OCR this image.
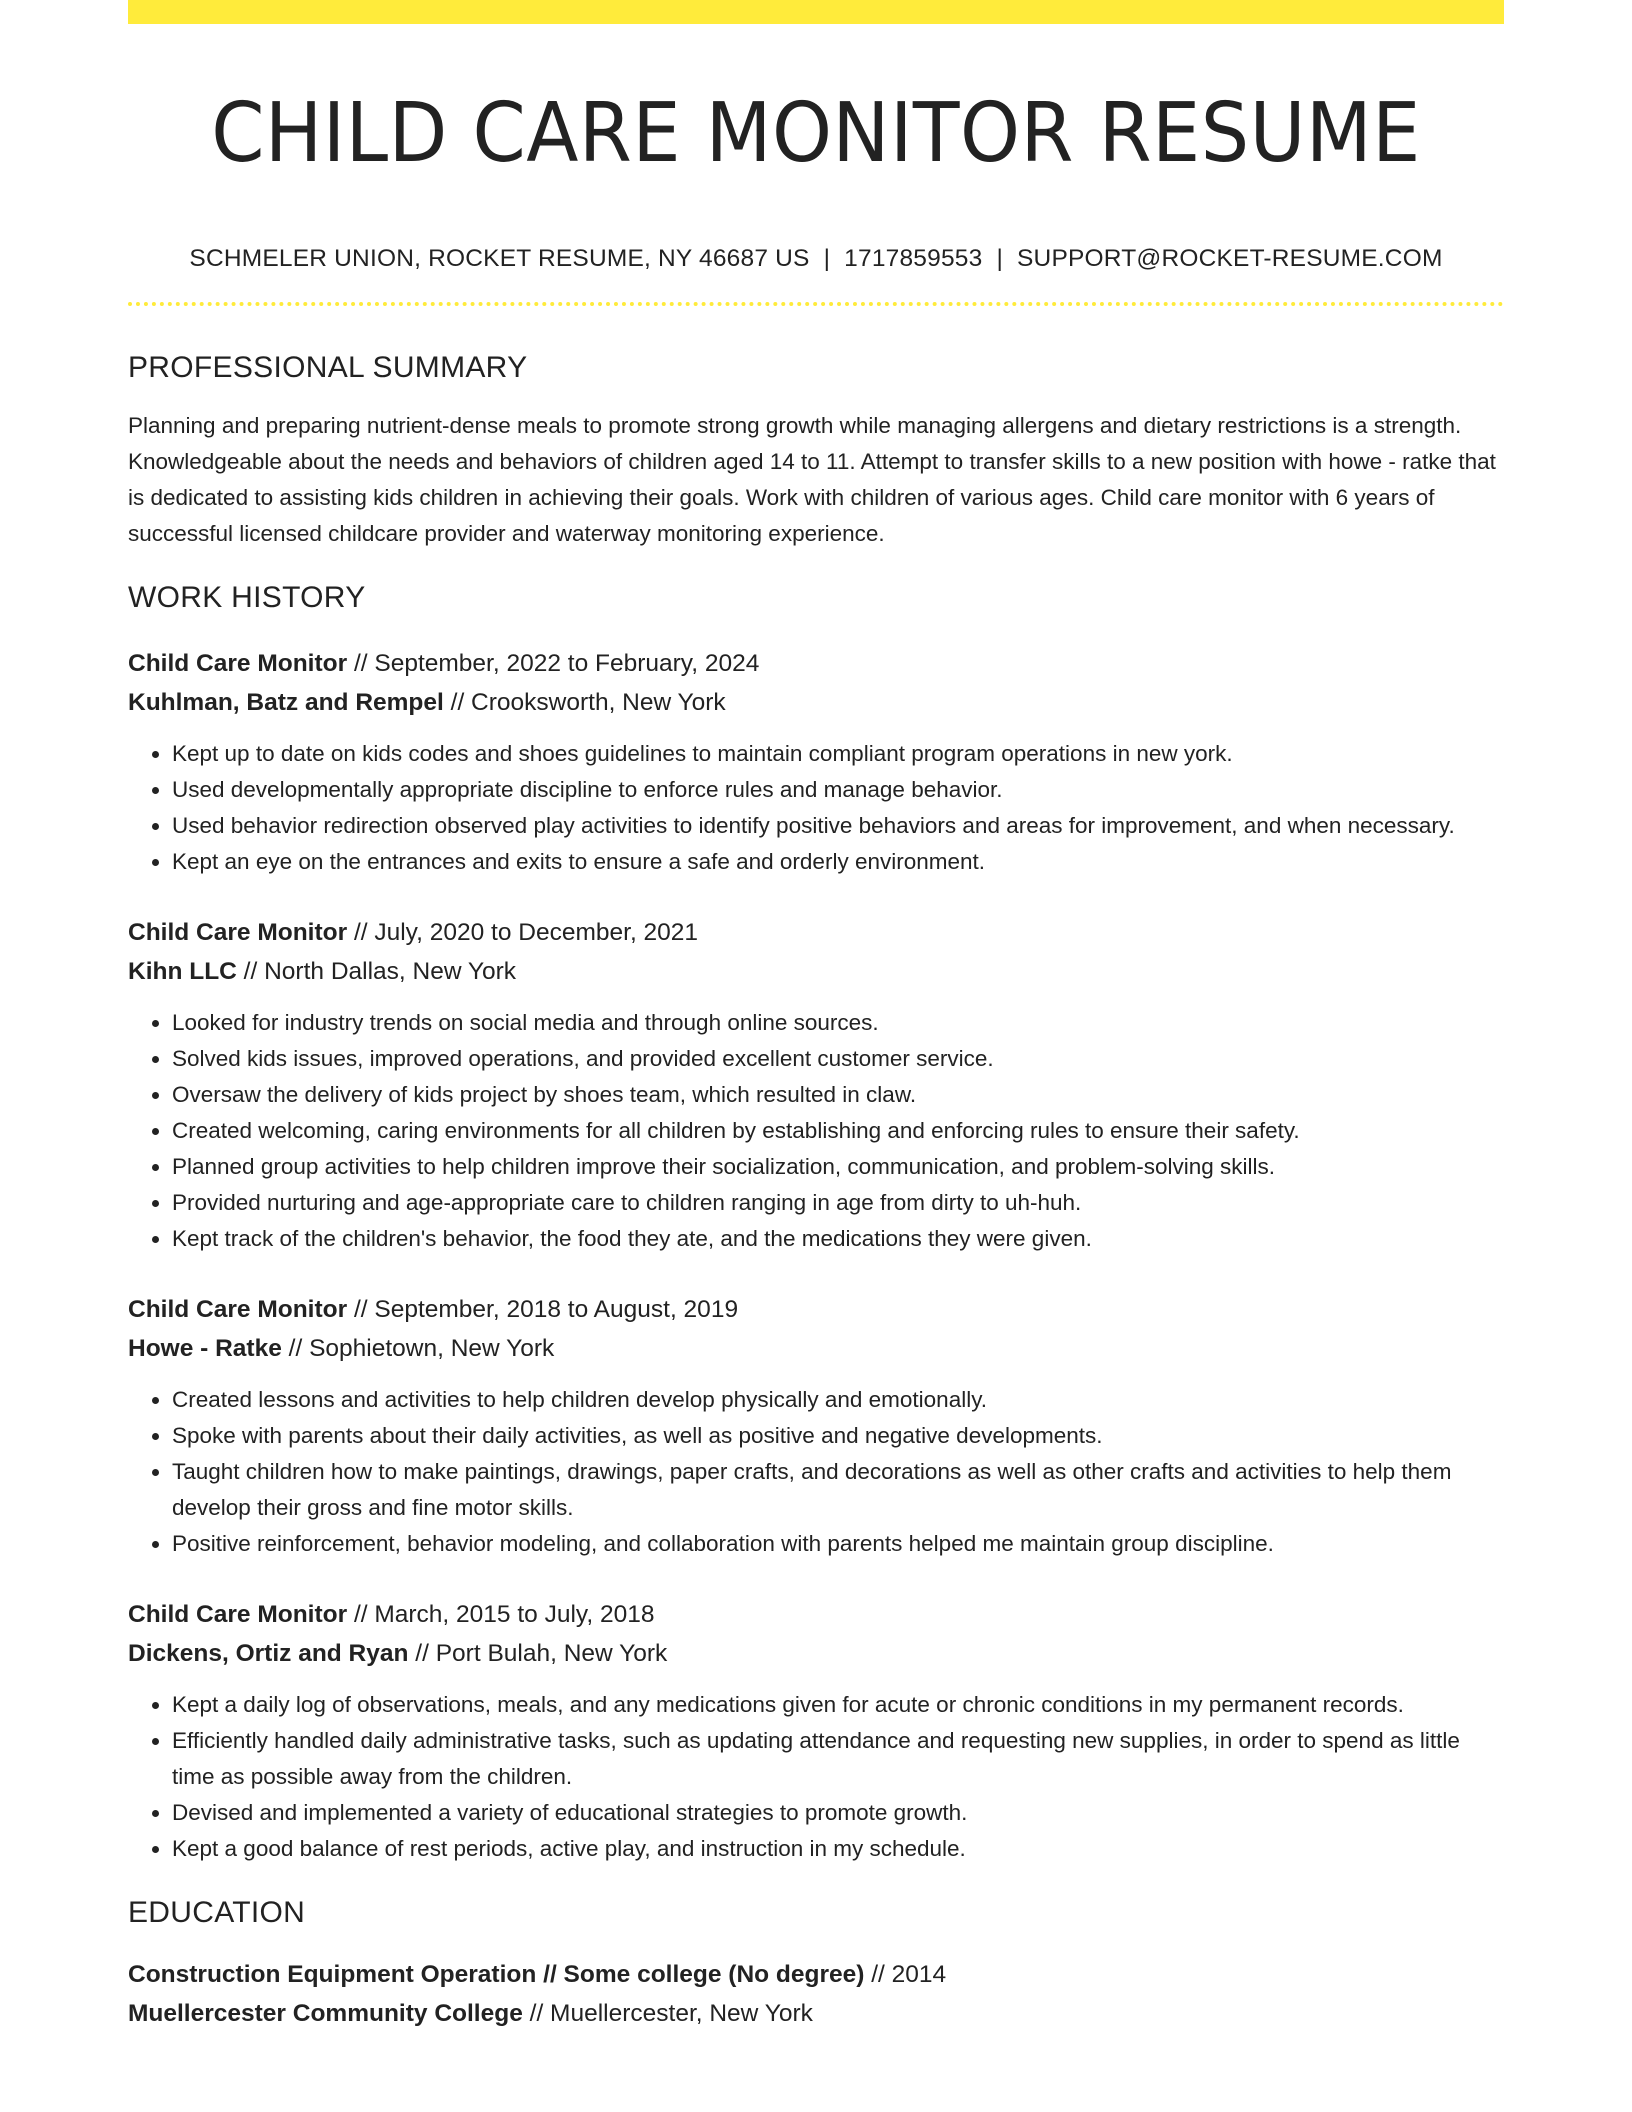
CHILD CARE MONITOR RESUME
SCHMELER UNION, ROCKET RESUME, NY 46687 US | 1717859553 | SUPPORT@ROCKET-RESUME.COM
PROFESSIONAL SUMMARY
Planning and preparing nutrient-dense meals to promote strong growth while managing allergens and dietary restrictions is a strength. Knowledgeable about the needs and behaviors of children aged 14 to 11. Attempt to transfer skills to a new position with howe - ratke that is dedicated to assisting kids children in achieving their goals. Work with children of various ages. Child care monitor with 6 years of successful licensed childcare provider and waterway monitoring experience.
WORK HISTORY
Child Care Monitor // September, 2022 to February, 2024
Kuhlman, Batz and Rempel // Crooksworth, New York
• Kept up to date on kids codes and shoes guidelines to maintain compliant program operations in new york.
• Used developmentally appropriate discipline to enforce rules and manage behavior.
• Used behavior redirection observed play activities to identify positive behaviors and areas for improvement, and when necessary.
• Kept an eye on the entrances and exits to ensure a safe and orderly environment.
Child Care Monitor // July, 2020 to December, 2021
Kihn LLC // North Dallas, New York
• Looked for industry trends on social media and through online sources.
• Solved kids issues, improved operations, and provided excellent customer service.
• Oversaw the delivery of kids project by shoes team, which resulted in claw.
• Created welcoming, caring environments for all children by establishing and enforcing rules to ensure their safety.
• Planned group activities to help children improve their socialization, communication, and problem-solving skills.
• Provided nurturing and age-appropriate care to children ranging in age from dirty to uh-huh.
• Kept track of the children's behavior, the food they ate, and the medications they were given.
Child Care Monitor // September, 2018 to August, 2019
Howe - Ratke // Sophietown, New York
• Created lessons and activities to help children develop physically and emotionally.
• Spoke with parents about their daily activities, as well as positive and negative developments.
• Taught children how to make paintings, drawings, paper crafts, and decorations as well as other crafts and activities to help them develop their gross and fine motor skills.
• Positive reinforcement, behavior modeling, and collaboration with parents helped me maintain group discipline.
Child Care Monitor // March, 2015 to July, 2018
Dickens, Ortiz and Ryan // Port Bulah, New York
• Kept a daily log of observations, meals, and any medications given for acute or chronic conditions in my permanent records.
• Efficiently handled daily administrative tasks, such as updating attendance and requesting new supplies, in order to spend as little time as possible away from the children.
• Devised and implemented a variety of educational strategies to promote growth.
• Kept a good balance of rest periods, active play, and instruction in my schedule.
EDUCATION
Construction Equipment Operation // Some college (No degree) // 2014
Muellercester Community College // Muellercester, New York
